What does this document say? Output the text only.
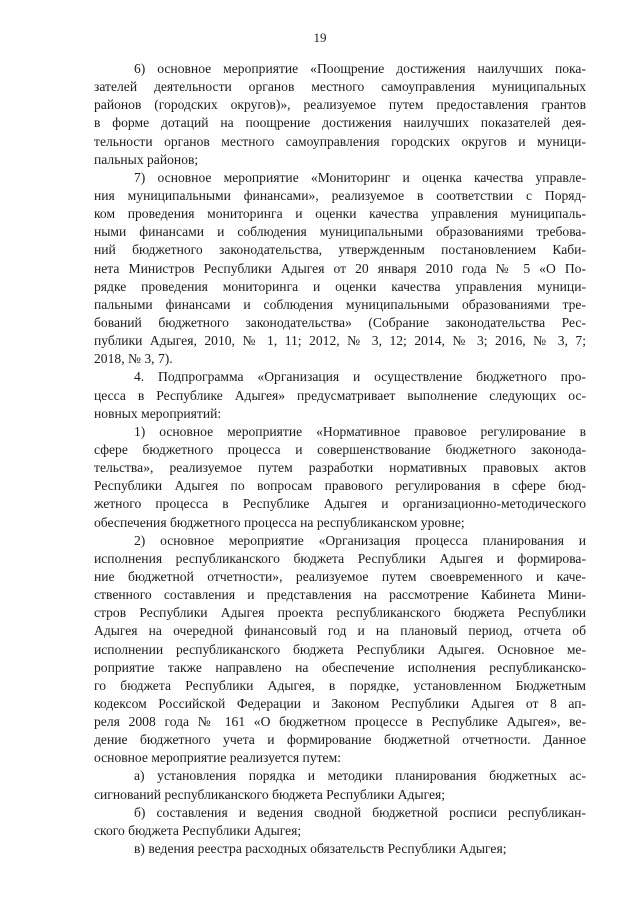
19
6) основное мероприятие «Поощрение достижения наилучших пока-
зателей деятельности органов местного самоуправления муниципальных
районов (городских округов)», реализуемое путем предоставления грантов
в форме дотаций на поощрение достижения наилучших показателей дея-
тельности органов местного самоуправления городских округов и муници-
пальных районов;
7) основное мероприятие «Мониторинг и оценка качества управле-
ния муниципальными финансами», реализуемое в соответствии с Поряд-
ком проведения мониторинга и оценки качества управления муниципаль-
ными финансами и соблюдения муниципальными образованиями требова-
ний бюджетного законодательства, утвержденным постановлением Каби-
нета Министров Республики Адыгея от 20 января 2010 года № 5 «О По-
рядке проведения мониторинга и оценки качества управления муници-
пальными финансами и соблюдения муниципальными образованиями тре-
бований бюджетного законодательства» (Собрание законодательства Рес-
публики Адыгея, 2010, № 1, 11; 2012, № 3, 12; 2014, № 3; 2016, № 3, 7;
2018, № 3, 7).
4. Подпрограмма «Организация и осуществление бюджетного про-
цесса в Республике Адыгея» предусматривает выполнение следующих ос-
новных мероприятий:
1) основное мероприятие «Нормативное правовое регулирование в
сфере бюджетного процесса и совершенствование бюджетного законода-
тельства», реализуемое путем разработки нормативных правовых актов
Республики Адыгея по вопросам правового регулирования в сфере бюд-
жетного процесса в Республике Адыгея и организационно-методического
обеспечения бюджетного процесса на республиканском уровне;
2) основное мероприятие «Организация процесса планирования и
исполнения республиканского бюджета Республики Адыгея и формирова-
ние бюджетной отчетности», реализуемое путем своевременного и каче-
ственного составления и представления на рассмотрение Кабинета Мини-
стров Республики Адыгея проекта республиканского бюджета Республики
Адыгея на очередной финансовый год и на плановый период, отчета об
исполнении республиканского бюджета Республики Адыгея. Основное ме-
роприятие также направлено на обеспечение исполнения республиканско-
го бюджета Республики Адыгея, в порядке, установленном Бюджетным
кодексом Российской Федерации и Законом Республики Адыгея от 8 ап-
реля 2008 года № 161 «О бюджетном процессе в Республике Адыгея», ве-
дение бюджетного учета и формирование бюджетной отчетности. Данное
основное мероприятие реализуется путем:
а) установления порядка и методики планирования бюджетных ас-
сигнований республиканского бюджета Республики Адыгея;
б) составления и ведения сводной бюджетной росписи республикан-
ского бюджета Республики Адыгея;
в) ведения реестра расходных обязательств Республики Адыгея;
